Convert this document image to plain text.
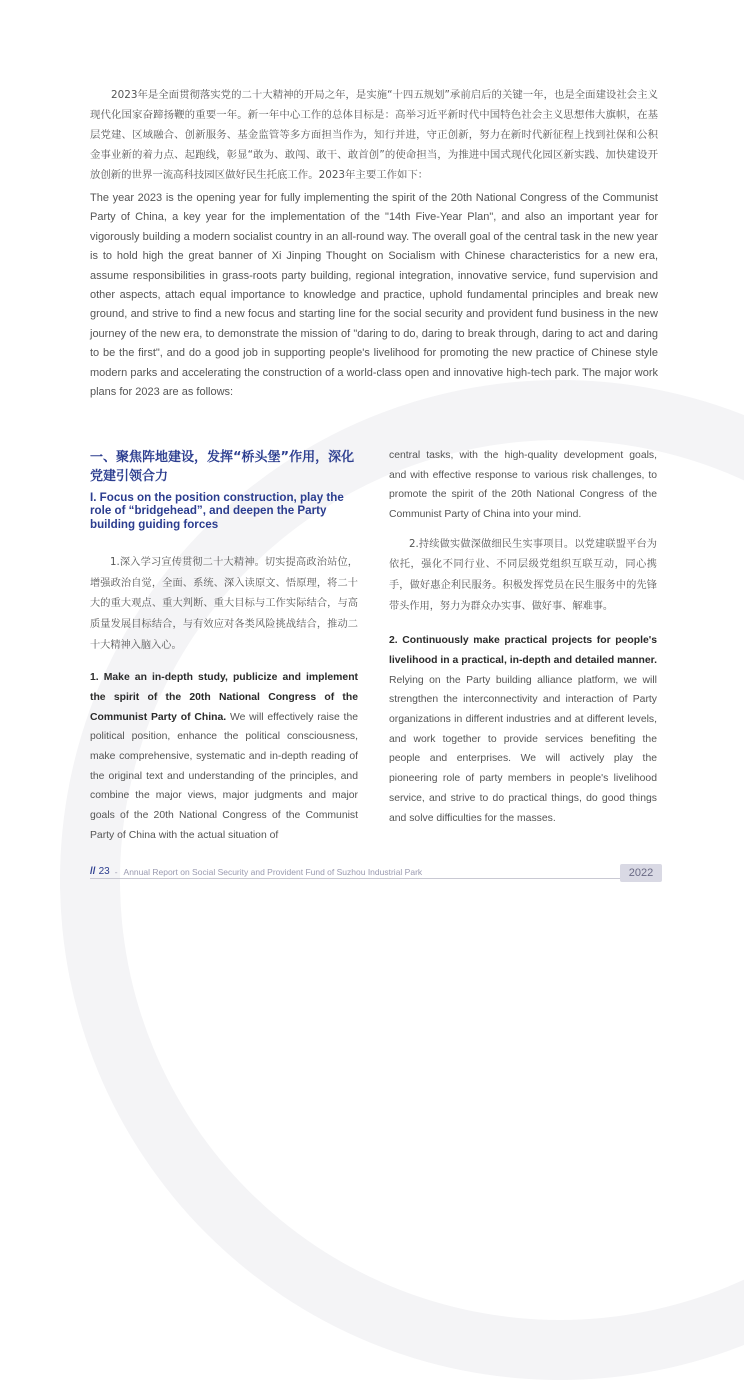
2023年是全面贯彻落实党的二十大精神的开局之年，是实施“十四五规划”承前启后的关键一年，也是全面建设社会主义现代化国家奋蹄扬鞭的重要一年。新一年中心工作的总体目标是：高举习近平新时代中国特色社会主义思想伟大旗帜，在基层党建、区域融合、创新服务、基金监管等多方面担当作为，知行并进，守正创新，努力在新时代新征程上找到社保和公积金事业新的着力点、起跑线，彰显“敢为、敢闯、敢干、敢首创”的使命担当，为推进中国式现代化园区新实践、加快建设开放创新的世界一流高科技园区做好民生托底工作。2023年主要工作如下：

The year 2023 is the opening year for fully implementing the spirit of the 20th National Congress of the Communist Party of China, a key year for the implementation of the "14th Five-Year Plan", and also an important year for vigorously building a modern socialist country in an all-round way. The overall goal of the central task in the new year is to hold high the great banner of Xi Jinping Thought on Socialism with Chinese characteristics for a new era, assume responsibilities in grass-roots party building, regional integration, innovative service, fund supervision and other aspects, attach equal importance to knowledge and practice, uphold fundamental principles and break new ground, and strive to find a new focus and starting line for the social security and provident fund business in the new journey of the new era, to demonstrate the mission of "daring to do, daring to break through, daring to act and daring to be the first", and do a good job in supporting people's livelihood for promoting the new practice of Chinese style modern parks and accelerating the construction of a world-class open and innovative high-tech park. The major work plans for 2023 are as follows:

一、聚焦阵地建设，发挥“桥头堡”作用，深化党建引领合力
I. Focus on the position construction, play the role of “bridgehead”, and deepen the Party building guiding forces

1.深入学习宣传贯彻二十大精神。切实提高政治站位，增强政治自觉，全面、系统、深入读原文、悟原理，将二十大的重大观点、重大判断、重大目标与工作实际结合，与高质量发展目标结合，与有效应对各类风险挑战结合，推动二十大精神入脑入心。

1. Make an in-depth study, publicize and implement the spirit of the 20th National Congress of the Communist Party of China. We will effectively raise the political position, enhance the political consciousness, make comprehensive, systematic and in-depth reading of the original text and understanding of the principles, and combine the major views, major judgments and major goals of the 20th National Congress of the Communist Party of China with the actual situation of

central tasks, with the high-quality development goals, and with effective response to various risk challenges, to promote the spirit of the 20th National Congress of the Communist Party of China into your mind.

2.持续做实做深做细民生实事项目。以党建联盟平台为依托，强化不同行业、不同层级党组织互联互动，同心携手，做好惠企利民服务。积极发挥党员在民生服务中的先锋带头作用，努力为群众办实事、做好事、解难事。

2. Continuously make practical projects for people's livelihood in a practical, in-depth and detailed manner. Relying on the Party building alliance platform, we will strengthen the interconnectivity and interaction of Party organizations in different industries and at different levels, and work together to provide services benefiting the people and enterprises. We will actively play the pioneering role of party members in people's livelihood service, and strive to do practical things, do good things and solve difficulties for the masses.

// 23 - Annual Report on Social Security and Provident Fund of Suzhou Industrial Park	2022
